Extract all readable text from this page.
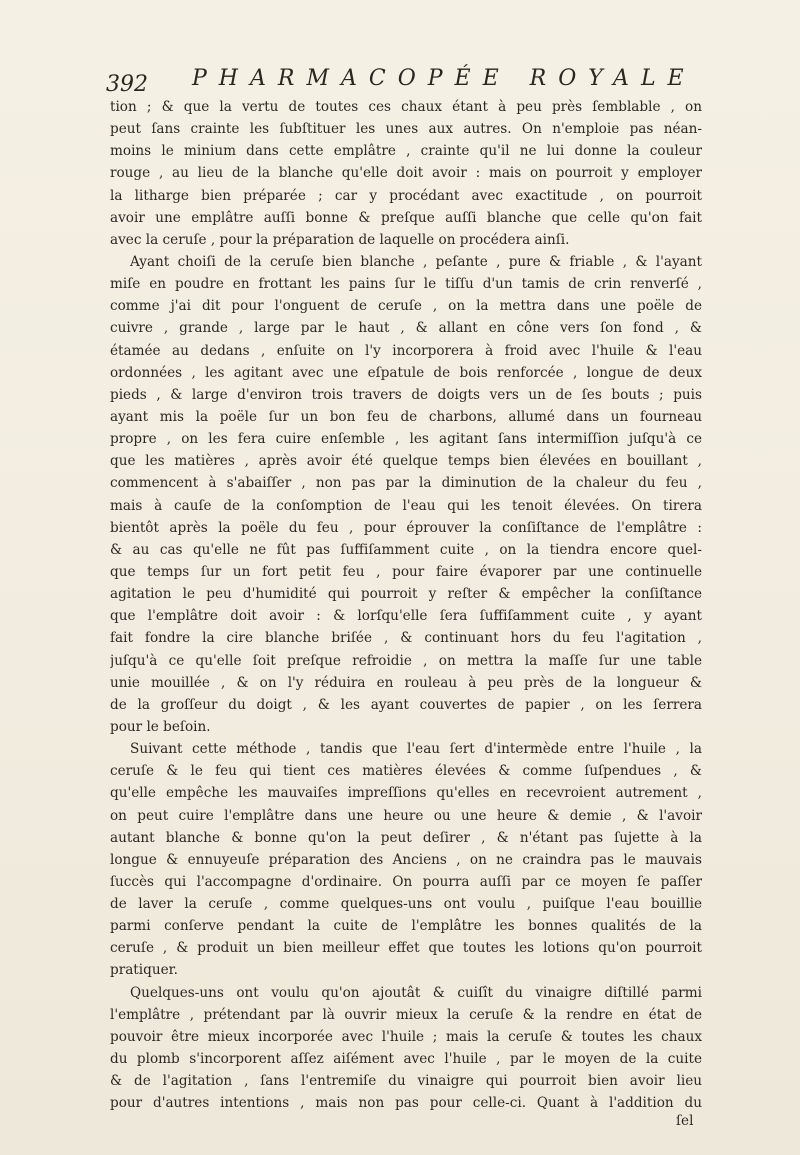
392 PHARMACOPÉE ROYALE
tion ; & que la vertu de toutes ces chaux étant à peu près ſemblable , on
peut ſans crainte les ſubſtituer les unes aux autres. On n'emploie pas néan-
moins le minium dans cette emplâtre , crainte qu'il ne lui donne la couleur
rouge , au lieu de la blanche qu'elle doit avoir : mais on pourroit y employer
la litharge bien préparée ; car y procédant avec exactitude , on pourroit
avoir une emplâtre auſſi bonne & preſque auſſi blanche que celle qu'on fait
avec la ceruſe , pour la préparation de laquelle on procédera ainſi.
Ayant choiſi de la ceruſe bien blanche , peſante , pure & friable , & l'ayant
miſe en poudre en frottant les pains ſur le tiſſu d'un tamis de crin renverſé ,
comme j'ai dit pour l'onguent de ceruſe , on la mettra dans une poële de
cuivre , grande , large par le haut , & allant en cône vers ſon fond , &
étamée au dedans , enſuite on l'y incorporera à froid avec l'huile & l'eau
ordonnées , les agitant avec une eſpatule de bois renforcée , longue de deux
pieds , & large d'environ trois travers de doigts vers un de ſes bouts ; puis
ayant mis la poële ſur un bon feu de charbons, allumé dans un fourneau
propre , on les fera cuire enſemble , les agitant ſans intermiſſion juſqu'à ce
que les matières , après avoir été quelque temps bien élevées en bouillant ,
commencent à s'abaiſſer , non pas par la diminution de la chaleur du feu ,
mais à cauſe de la conſomption de l'eau qui les tenoit élevées. On tirera
bientôt après la poële du feu , pour éprouver la conſiſtance de l'emplâtre :
& au cas qu'elle ne fût pas ſuffiſamment cuite , on la tiendra encore quel-
que temps ſur un fort petit feu , pour faire évaporer par une continuelle
agitation le peu d'humidité qui pourroit y reſter & empêcher la conſiſtance
que l'emplâtre doit avoir : & lorſqu'elle ſera ſuffiſamment cuite , y ayant
fait fondre la cire blanche briſée , & continuant hors du feu l'agitation ,
juſqu'à ce qu'elle ſoit preſque refroidie , on mettra la maſſe ſur une table
unie mouillée , & on l'y réduira en rouleau à peu près de la longueur &
de la groſſeur du doigt , & les ayant couvertes de papier , on les ſerrera
pour le beſoin.
Suivant cette méthode , tandis que l'eau ſert d'intermède entre l'huile , la
ceruſe & le feu qui tient ces matières élevées & comme ſuſpendues , &
qu'elle empêche les mauvaiſes impreſſions qu'elles en recevroient autrement ,
on peut cuire l'emplâtre dans une heure ou une heure & demie , & l'avoir
autant blanche & bonne qu'on la peut deſirer , & n'étant pas ſujette à la
longue & ennuyeuſe préparation des Anciens , on ne craindra pas le mauvais
ſuccès qui l'accompagne d'ordinaire. On pourra auſſi par ce moyen ſe paſſer
de laver la ceruſe , comme quelques-uns ont voulu , puiſque l'eau bouillie
parmi conſerve pendant la cuite de l'emplâtre les bonnes qualités de la
ceruſe , & produit un bien meilleur effet que toutes les lotions qu'on pourroit
pratiquer.
Quelques-uns ont voulu qu'on ajoutât & cuiſît du vinaigre diſtillé parmi
l'emplâtre , prétendant par là ouvrir mieux la ceruſe & la rendre en état de
pouvoir être mieux incorporée avec l'huile ; mais la ceruſe & toutes les chaux
du plomb s'incorporent aſſez aiſément avec l'huile , par le moyen de la cuite
& de l'agitation , ſans l'entremiſe du vinaigre qui pourroit bien avoir lieu
pour d'autres intentions , mais non pas pour celle-ci. Quant à l'addition du
ſel
